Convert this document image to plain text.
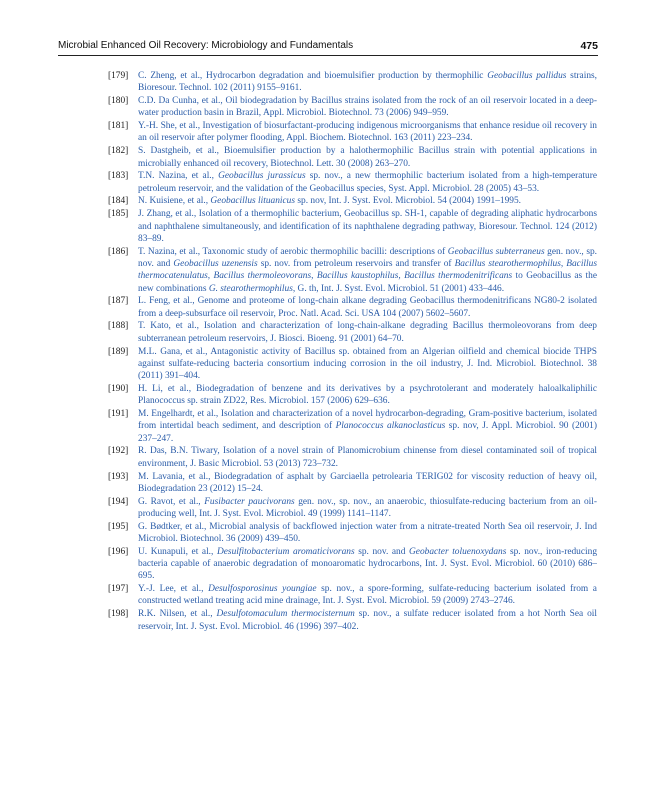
Microbial Enhanced Oil Recovery: Microbiology and Fundamentals	475
[179] C. Zheng, et al., Hydrocarbon degradation and bioemulsifier production by thermophilic Geobacillus pallidus strains, Bioresour. Technol. 102 (2011) 9155–9161.
[180] C.D. Da Cunha, et al., Oil biodegradation by Bacillus strains isolated from the rock of an oil reservoir located in a deep-water production basin in Brazil, Appl. Microbiol. Biotechnol. 73 (2006) 949–959.
[181] Y.-H. She, et al., Investigation of biosurfactant-producing indigenous microorganisms that enhance residue oil recovery in an oil reservoir after polymer flooding, Appl. Biochem. Biotechnol. 163 (2011) 223–234.
[182] S. Dastgheib, et al., Bioemulsifier production by a halothermophilic Bacillus strain with potential applications in microbially enhanced oil recovery, Biotechnol. Lett. 30 (2008) 263–270.
[183] T.N. Nazina, et al., Geobacillus jurassicus sp. nov., a new thermophilic bacterium isolated from a high-temperature petroleum reservoir, and the validation of the Geobacillus species, Syst. Appl. Microbiol. 28 (2005) 43–53.
[184] N. Kuisiene, et al., Geobacillus lituanicus sp. nov, Int. J. Syst. Evol. Microbiol. 54 (2004) 1991–1995.
[185] J. Zhang, et al., Isolation of a thermophilic bacterium, Geobacillus sp. SH-1, capable of degrading aliphatic hydrocarbons and naphthalene simultaneously, and identification of its naphthalene degrading pathway, Bioresour. Technol. 124 (2012) 83–89.
[186] T. Nazina, et al., Taxonomic study of aerobic thermophilic bacilli: descriptions of Geobacillus subterraneus gen. nov., sp. nov. and Geobacillus uzenensis sp. nov. from petroleum reservoirs and transfer of Bacillus stearothermophilus, Bacillus thermocatenulatus, Bacillus thermoleovorans, Bacillus kaustophilus, Bacillus thermodenitrificans to Geobacillus as the new combinations G. stearothermophilus, G. th, Int. J. Syst. Evol. Microbiol. 51 (2001) 433–446.
[187] L. Feng, et al., Genome and proteome of long-chain alkane degrading Geobacillus thermodenitrificans NG80-2 isolated from a deep-subsurface oil reservoir, Proc. Natl. Acad. Sci. USA 104 (2007) 5602–5607.
[188] T. Kato, et al., Isolation and characterization of long-chain-alkane degrading Bacillus thermoleovorans from deep subterranean petroleum reservoirs, J. Biosci. Bioeng. 91 (2001) 64–70.
[189] M.L. Gana, et al., Antagonistic activity of Bacillus sp. obtained from an Algerian oilfield and chemical biocide THPS against sulfate-reducing bacteria consortium inducing corrosion in the oil industry, J. Ind. Microbiol. Biotechnol. 38 (2011) 391–404.
[190] H. Li, et al., Biodegradation of benzene and its derivatives by a psychrotolerant and moderately haloalkaliphilic Planococcus sp. strain ZD22, Res. Microbiol. 157 (2006) 629–636.
[191] M. Engelhardt, et al., Isolation and characterization of a novel hydrocarbon-degrading, Gram-positive bacterium, isolated from intertidal beach sediment, and description of Planococcus alkanoclasticus sp. nov, J. Appl. Microbiol. 90 (2001) 237–247.
[192] R. Das, B.N. Tiwary, Isolation of a novel strain of Planomicrobium chinense from diesel contaminated soil of tropical environment, J. Basic Microbiol. 53 (2013) 723–732.
[193] M. Lavania, et al., Biodegradation of asphalt by Garciaella petrolearia TERIG02 for viscosity reduction of heavy oil, Biodegradation 23 (2012) 15–24.
[194] G. Ravot, et al., Fusibacter paucivorans gen. nov., sp. nov., an anaerobic, thiosulfate-reducing bacterium from an oil-producing well, Int. J. Syst. Evol. Microbiol. 49 (1999) 1141–1147.
[195] G. Bødtker, et al., Microbial analysis of backflowed injection water from a nitrate-treated North Sea oil reservoir, J. Ind Microbiol. Biotechnol. 36 (2009) 439–450.
[196] U. Kunapuli, et al., Desulfitobacterium aromaticivorans sp. nov. and Geobacter toluenoxydans sp. nov., iron-reducing bacteria capable of anaerobic degradation of monoaromatic hydrocarbons, Int. J. Syst. Evol. Microbiol. 60 (2010) 686–695.
[197] Y.-J. Lee, et al., Desulfosporosinus youngiae sp. nov., a spore-forming, sulfate-reducing bacterium isolated from a constructed wetland treating acid mine drainage, Int. J. Syst. Evol. Microbiol. 59 (2009) 2743–2746.
[198] R.K. Nilsen, et al., Desulfotomaculum thermocisternum sp. nov., a sulfate reducer isolated from a hot North Sea oil reservoir, Int. J. Syst. Evol. Microbiol. 46 (1996) 397–402.
